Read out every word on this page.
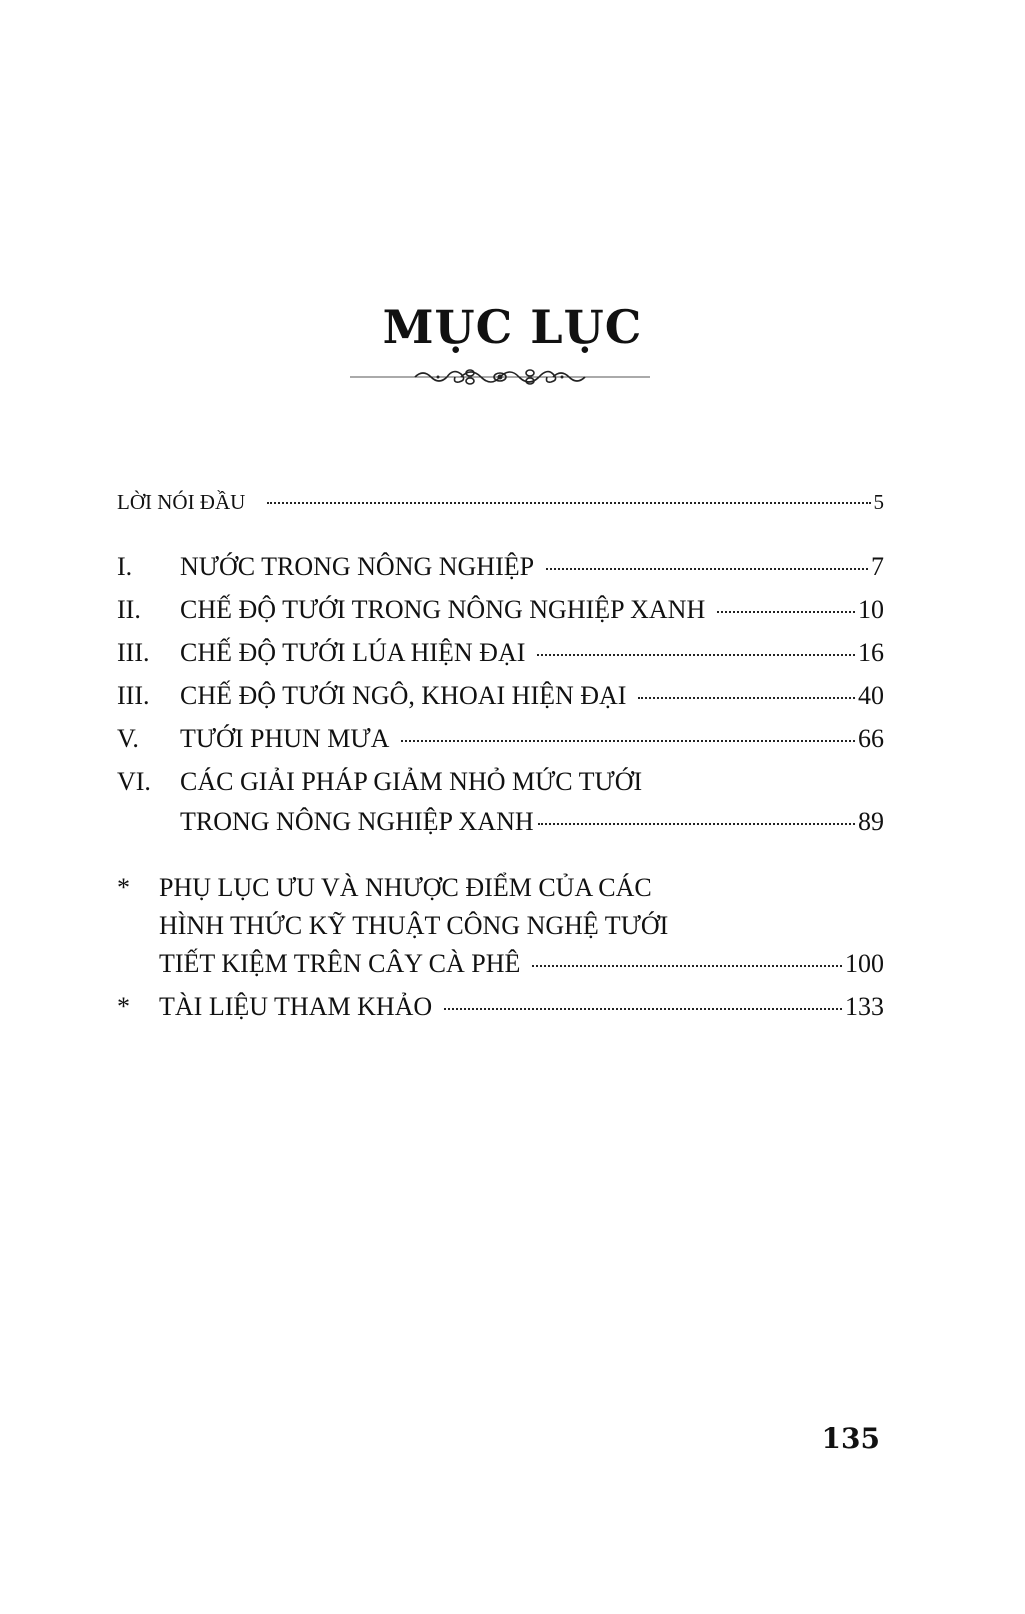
MỤC LỤC
LỜI NÓI ĐẦU	5
I.	NƯỚC TRONG NÔNG NGHIỆP	7
II.	CHẾ ĐỘ TƯỚI TRONG NÔNG NGHIỆP XANH	10
III.	CHẾ ĐỘ TƯỚI LÚA HIỆN ĐẠI	16
III.	CHẾ ĐỘ TƯỚI NGÔ, KHOAI HIỆN ĐẠI	40
V.	TƯỚI PHUN MƯA	66
VI.	CÁC GIẢI PHÁP GIẢM NHỎ MỨC TƯỚI
TRONG NÔNG NGHIỆP XANH	89
*	PHỤ LỤC ƯU VÀ NHƯỢC ĐIỂM CỦA CÁC
HÌNH THỨC KỸ THUẬT CÔNG NGHỆ TƯỚI
TIẾT KIỆM TRÊN CÂY CÀ PHÊ	100
*	TÀI LIỆU THAM KHẢO	133
135
